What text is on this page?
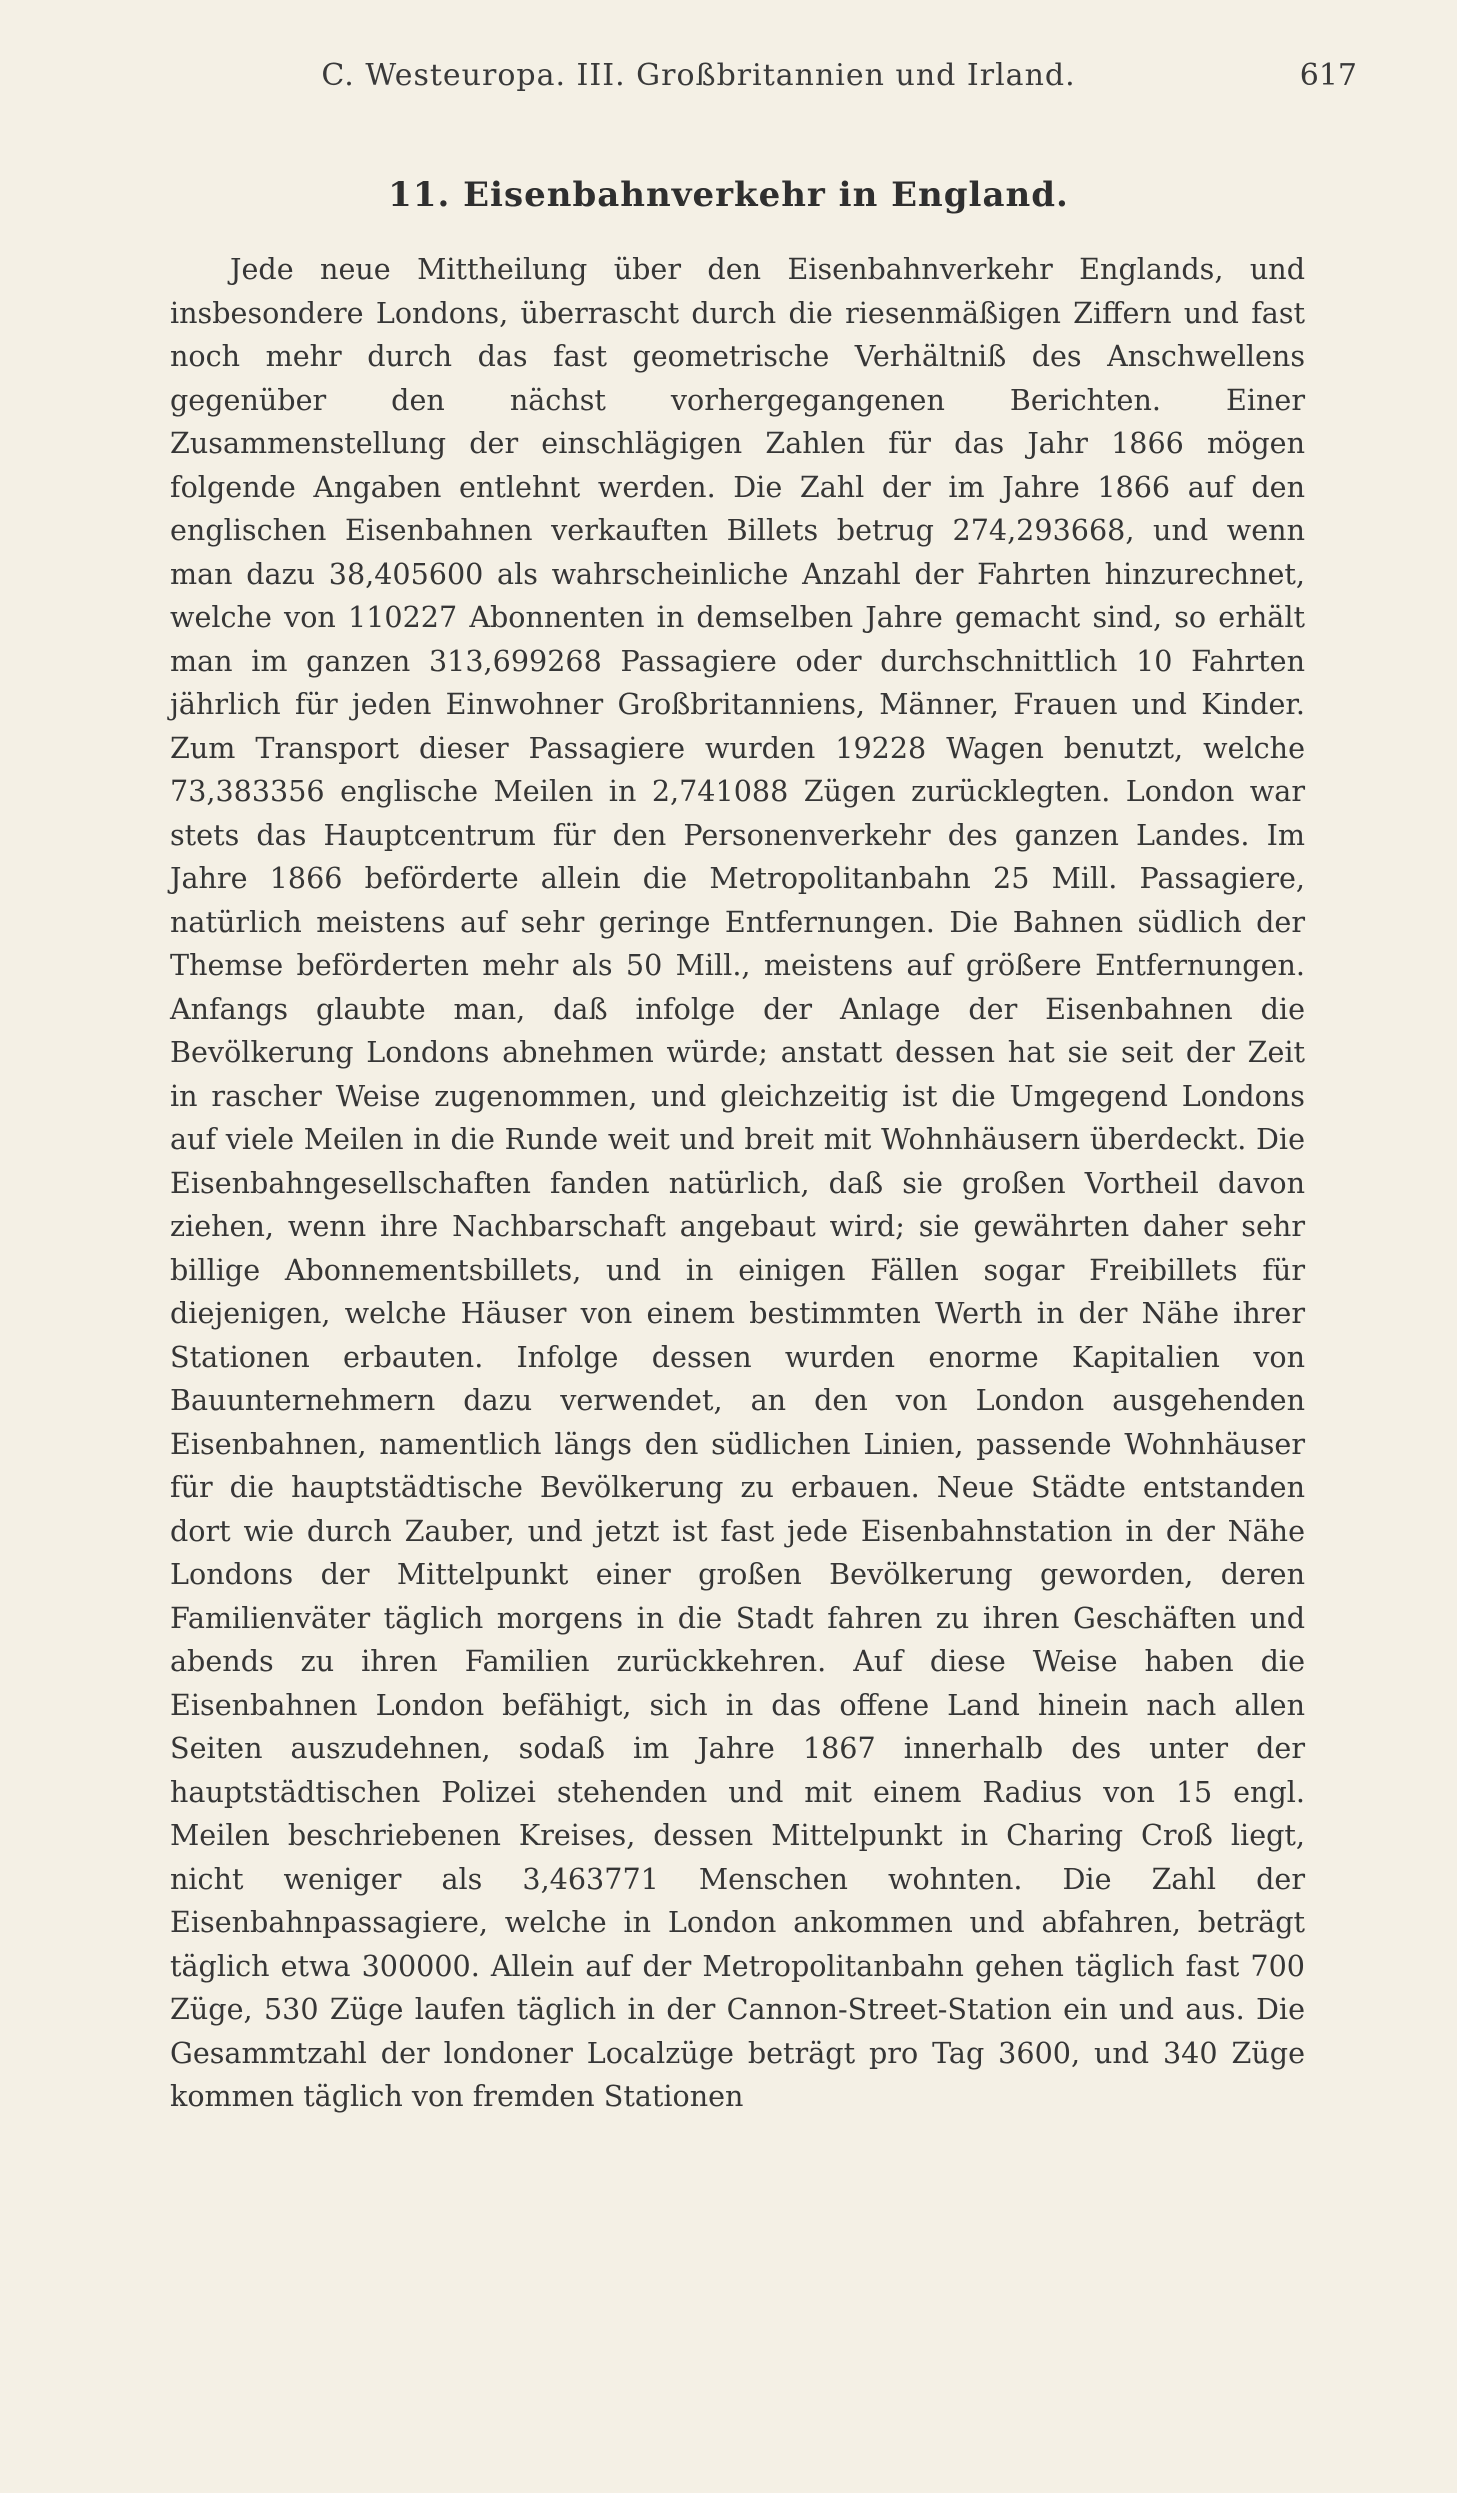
C. Westeuropa. III. Großbritannien und Irland.	617
11. Eisenbahnverkehr in England.

Jede neue Mittheilung über den Eisenbahnverkehr Englands, und insbesondere Londons, überrascht durch die riesenmäßigen Ziffern und fast noch mehr durch das fast geometrische Verhältniß des Anschwellens gegenüber den nächst vorhergegangenen Berichten. Einer Zusammenstellung der einschlägigen Zahlen für das Jahr 1866 mögen folgende Angaben entlehnt werden. Die Zahl der im Jahre 1866 auf den englischen Eisenbahnen verkauften Billets betrug 274,293668, und wenn man dazu 38,405600 als wahrscheinliche Anzahl der Fahrten hinzurechnet, welche von 110227 Abonnenten in demselben Jahre gemacht sind, so erhält man im ganzen 313,699268 Passagiere oder durchschnittlich 10 Fahrten jährlich für jeden Einwohner Großbritanniens, Männer, Frauen und Kinder. Zum Transport dieser Passagiere wurden 19228 Wagen benutzt, welche 73,383356 englische Meilen in 2,741088 Zügen zurücklegten. London war stets das Hauptcentrum für den Personenverkehr des ganzen Landes. Im Jahre 1866 beförderte allein die Metropolitanbahn 25 Mill. Passagiere, natürlich meistens auf sehr geringe Entfernungen. Die Bahnen südlich der Themse beförderten mehr als 50 Mill., meistens auf größere Entfernungen. Anfangs glaubte man, daß infolge der Anlage der Eisenbahnen die Bevölkerung Londons abnehmen würde; anstatt dessen hat sie seit der Zeit in rascher Weise zugenommen, und gleichzeitig ist die Umgegend Londons auf viele Meilen in die Runde weit und breit mit Wohnhäusern überdeckt. Die Eisenbahngesellschaften fanden natürlich, daß sie großen Vortheil davon ziehen, wenn ihre Nachbarschaft angebaut wird; sie gewährten daher sehr billige Abonnementsbillets, und in einigen Fällen sogar Freibillets für diejenigen, welche Häuser von einem bestimmten Werth in der Nähe ihrer Stationen erbauten. Infolge dessen wurden enorme Kapitalien von Bauunternehmern dazu verwendet, an den von London ausgehenden Eisenbahnen, namentlich längs den südlichen Linien, passende Wohnhäuser für die hauptstädtische Bevölkerung zu erbauen. Neue Städte entstanden dort wie durch Zauber, und jetzt ist fast jede Eisenbahnstation in der Nähe Londons der Mittelpunkt einer großen Bevölkerung geworden, deren Familienväter täglich morgens in die Stadt fahren zu ihren Geschäften und abends zu ihren Familien zurückkehren. Auf diese Weise haben die Eisenbahnen London befähigt, sich in das offene Land hinein nach allen Seiten auszudehnen, sodaß im Jahre 1867 innerhalb des unter der hauptstädtischen Polizei stehenden und mit einem Radius von 15 engl. Meilen beschriebenen Kreises, dessen Mittelpunkt in Charing Croß liegt, nicht weniger als 3,463771 Menschen wohnten. Die Zahl der Eisenbahnpassagiere, welche in London ankommen und abfahren, beträgt täglich etwa 300000. Allein auf der Metropolitanbahn gehen täglich fast 700 Züge, 530 Züge laufen täglich in der Cannon-Street-Station ein und aus. Die Gesammtzahl der londoner Localzüge beträgt pro Tag 3600, und 340 Züge kommen täglich von fremden Stationen
